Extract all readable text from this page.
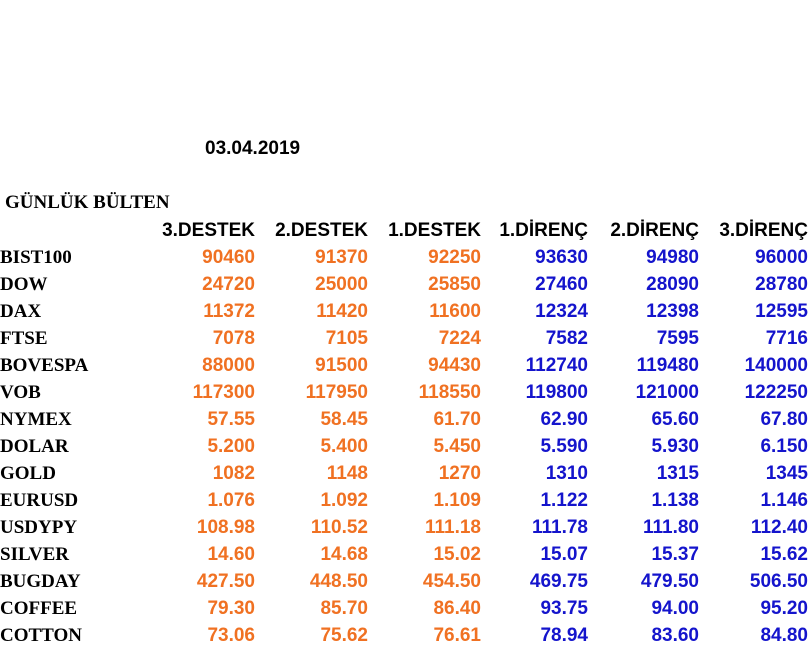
03.04.2019
GÜNLÜK BÜLTEN
	3.DESTEK	2.DESTEK	1.DESTEK	1.DİRENÇ	2.DİRENÇ	3.DİRENÇ
BIST100	90460	91370	92250	93630	94980	96000
DOW	24720	25000	25850	27460	28090	28780
DAX	11372	11420	11600	12324	12398	12595
FTSE	7078	7105	7224	7582	7595	7716
BOVESPA	88000	91500	94430	112740	119480	140000
VOB	117300	117950	118550	119800	121000	122250
NYMEX	57.55	58.45	61.70	62.90	65.60	67.80
DOLAR	5.200	5.400	5.450	5.590	5.930	6.150
GOLD	1082	1148	1270	1310	1315	1345
EURUSD	1.076	1.092	1.109	1.122	1.138	1.146
USDYPY	108.98	110.52	111.18	111.78	111.80	112.40
SILVER	14.60	14.68	15.02	15.07	15.37	15.62
BUGDAY	427.50	448.50	454.50	469.75	479.50	506.50
COFFEE	79.30	85.70	86.40	93.75	94.00	95.20
COTTON	73.06	75.62	76.61	78.94	83.60	84.80
